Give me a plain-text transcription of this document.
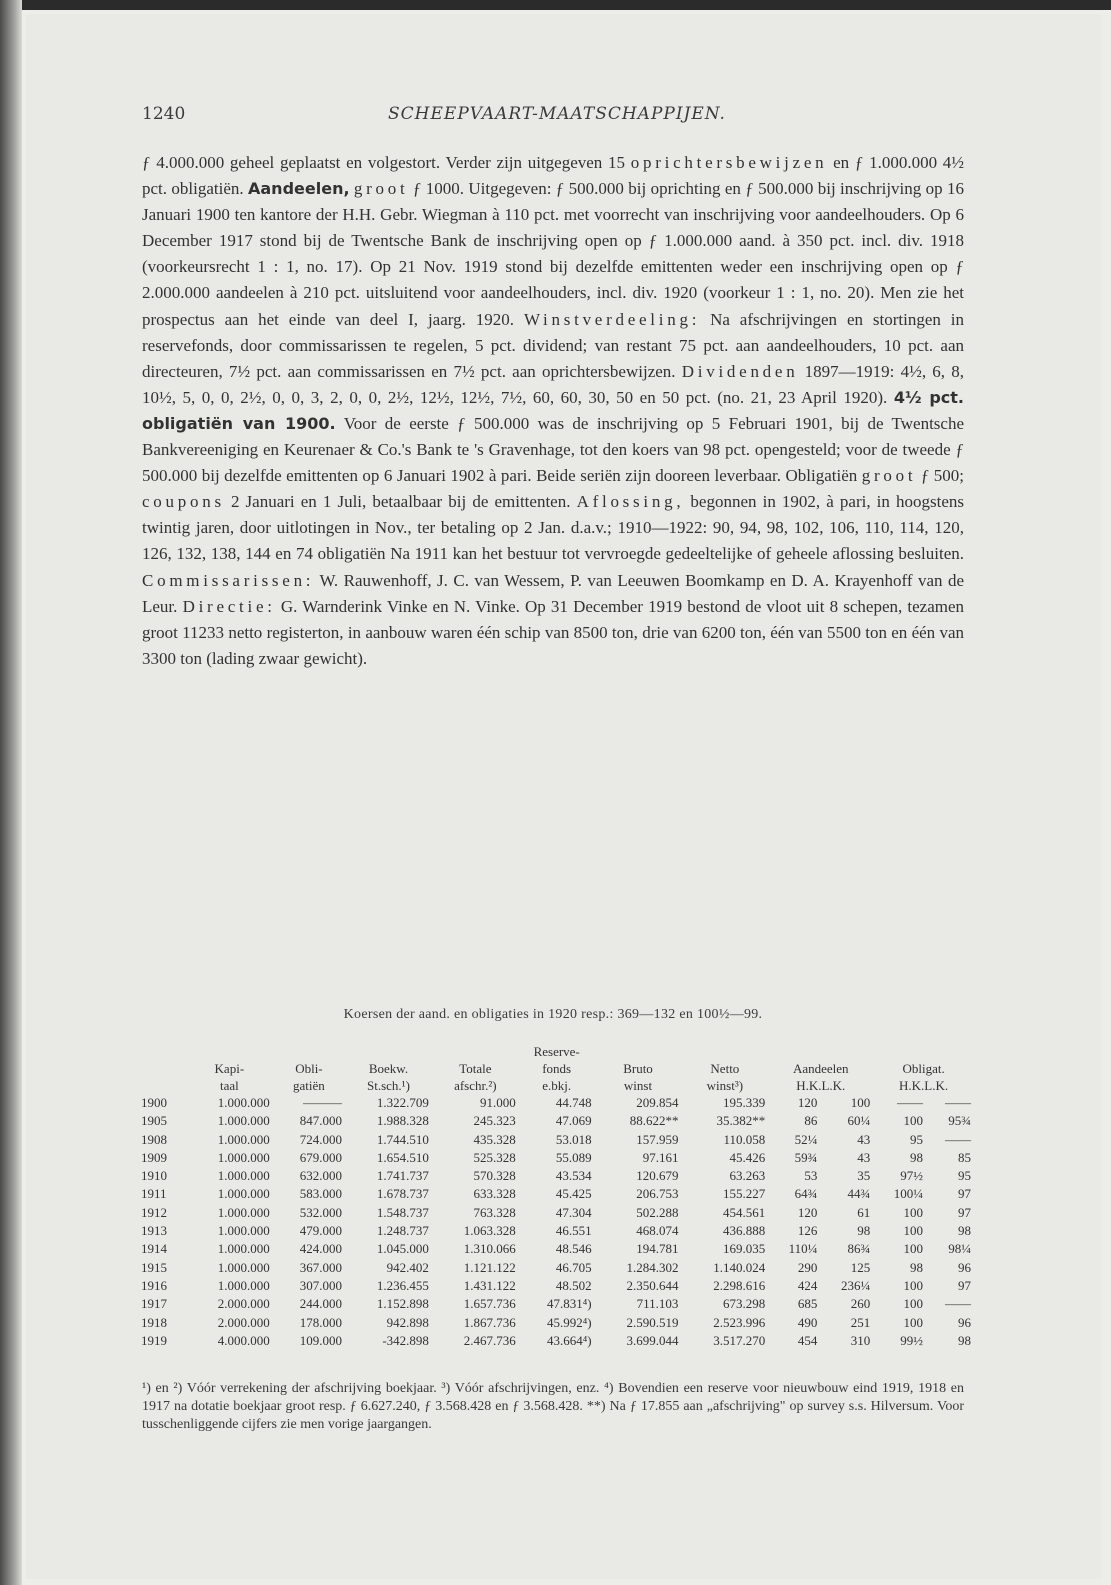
1240	SCHEEPVAART-MAATSCHAPPIJEN.

ƒ 4.000.000 geheel geplaatst en volgestort. Verder zijn uitgegeven 15 oprichtersbewijzen en ƒ 1.000.000 4½ pct. obligatiën. Aandeelen, groot ƒ 1000. Uitgegeven: ƒ 500.000 bij oprichting en ƒ 500.000 bij inschrijving op 16 Januari 1900 ten kantore der H.H. Gebr. Wiegman à 110 pct. met voorrecht van inschrijving voor aandeelhouders. Op 6 December 1917 stond bij de Twentsche Bank de inschrijving open op ƒ 1.000.000 aand. à 350 pct. incl. div. 1918 (voorkeursrecht 1 : 1, no. 17). Op 21 Nov. 1919 stond bij dezelfde emittenten weder een inschrijving open op ƒ 2.000.000 aandeelen à 210 pct. uitsluitend voor aandeelhouders, incl. div. 1920 (voorkeur 1 : 1, no. 20). Men zie het prospectus aan het einde van deel I, jaarg. 1920. Winstverdeeling: Na afschrijvingen en stortingen in reservefonds, door commissarissen te regelen, 5 pct. dividend; van restant 75 pct. aan aandeelhouders, 10 pct. aan directeuren, 7½ pct. aan commissarissen en 7½ pct. aan oprichtersbewijzen. Dividenden 1897—1919: 4½, 6, 8, 10½, 5, 0, 0, 2½, 0, 0, 3, 2, 0, 0, 2½, 12½, 12½, 7½, 60, 60, 30, 50 en 50 pct. (no. 21, 23 April 1920). 4½ pct. obligatiën van 1900. Voor de eerste ƒ 500.000 was de inschrijving op 5 Februari 1901, bij de Twentsche Bankvereeniging en Keurenaer & Co.'s Bank te 's Gravenhage, tot den koers van 98 pct. opengesteld; voor de tweede ƒ 500.000 bij dezelfde emittenten op 6 Januari 1902 à pari. Beide seriën zijn dooreen leverbaar. Obligatiën groot ƒ 500; coupons 2 Januari en 1 Juli, betaalbaar bij de emittenten. Aflossing, begonnen in 1902, à pari, in hoogstens twintig jaren, door uitlotingen in Nov., ter betaling op 2 Jan. d.a.v.; 1910—1922: 90, 94, 98, 102, 106, 110, 114, 120, 126, 132, 138, 144 en 74 obligatiën Na 1911 kan het bestuur tot vervroegde gedeeltelijke of geheele aflossing besluiten. Commissarissen: W. Rauwenhoff, J. C. van Wessem, P. van Leeuwen Boomkamp en D. A. Krayenhoff van de Leur. Directie: G. Warnderink Vinke en N. Vinke. Op 31 December 1919 bestond de vloot uit 8 schepen, tezamen groot 11233 netto registerton, in aanbouw waren één schip van 8500 ton, drie van 6200 ton, één van 5500 ton en één van 3300 ton (lading zwaar gewicht).

Koersen der aand. en obligaties in 1920 resp.: 369—132 en 100½—99.
					Reserve-						
	Kapi-	Obli-	Boekw.	Totale	fonds	Bruto	Netto	Aandeelen		Obligat.	
	taal	gatiën	St.sch.¹)	afschr.²)	e.bkj.	winst	winst³)	H.K.L.K.		H.K.L.K.	
1900	1.000.000	———	1.322.709	91.000	44.748	209.854	195.339	120	100	——	——
1905	1.000.000	847.000	1.988.328	245.323	47.069	88.622**	35.382**	86	60¼	100	95¾
1908	1.000.000	724.000	1.744.510	435.328	53.018	157.959	110.058	52¼	43	95	——
1909	1.000.000	679.000	1.654.510	525.328	55.089	97.161	45.426	59¾	43	98	85
1910	1.000.000	632.000	1.741.737	570.328	43.534	120.679	63.263	53	35	97½	95
1911	1.000.000	583.000	1.678.737	633.328	45.425	206.753	155.227	64¾	44¾	100¼	97
1912	1.000.000	532.000	1.548.737	763.328	47.304	502.288	454.561	120	61	100	97
1913	1.000.000	479.000	1.248.737	1.063.328	46.551	468.074	436.888	126	98	100	98
1914	1.000.000	424.000	1.045.000	1.310.066	48.546	194.781	169.035	110¼	86¾	100	98¼
1915	1.000.000	367.000	942.402	1.121.122	46.705	1.284.302	1.140.024	290	125	98	96
1916	1.000.000	307.000	1.236.455	1.431.122	48.502	2.350.644	2.298.616	424	236¼	100	97
1917	2.000.000	244.000	1.152.898	1.657.736	47.831⁴)	711.103	673.298	685	260	100	——
1918	2.000.000	178.000	942.898	1.867.736	45.992⁴)	2.590.519	2.523.996	490	251	100	96
1919	4.000.000	109.000	-342.898	2.467.736	43.664⁴)	3.699.044	3.517.270	454	310	99½	98

¹) en ²) Vóór verrekening der afschrijving boekjaar. ³) Vóór afschrijvingen, enz. ⁴) Bovendien een reserve voor nieuwbouw eind 1919, 1918 en 1917 na dotatie boekjaar groot resp. ƒ 6.627.240, ƒ 3.568.428 en ƒ 3.568.428. **) Na ƒ 17.855 aan „afschrijving" op survey s.s. Hilversum. Voor tusschenliggende cijfers zie men vorige jaargangen.
